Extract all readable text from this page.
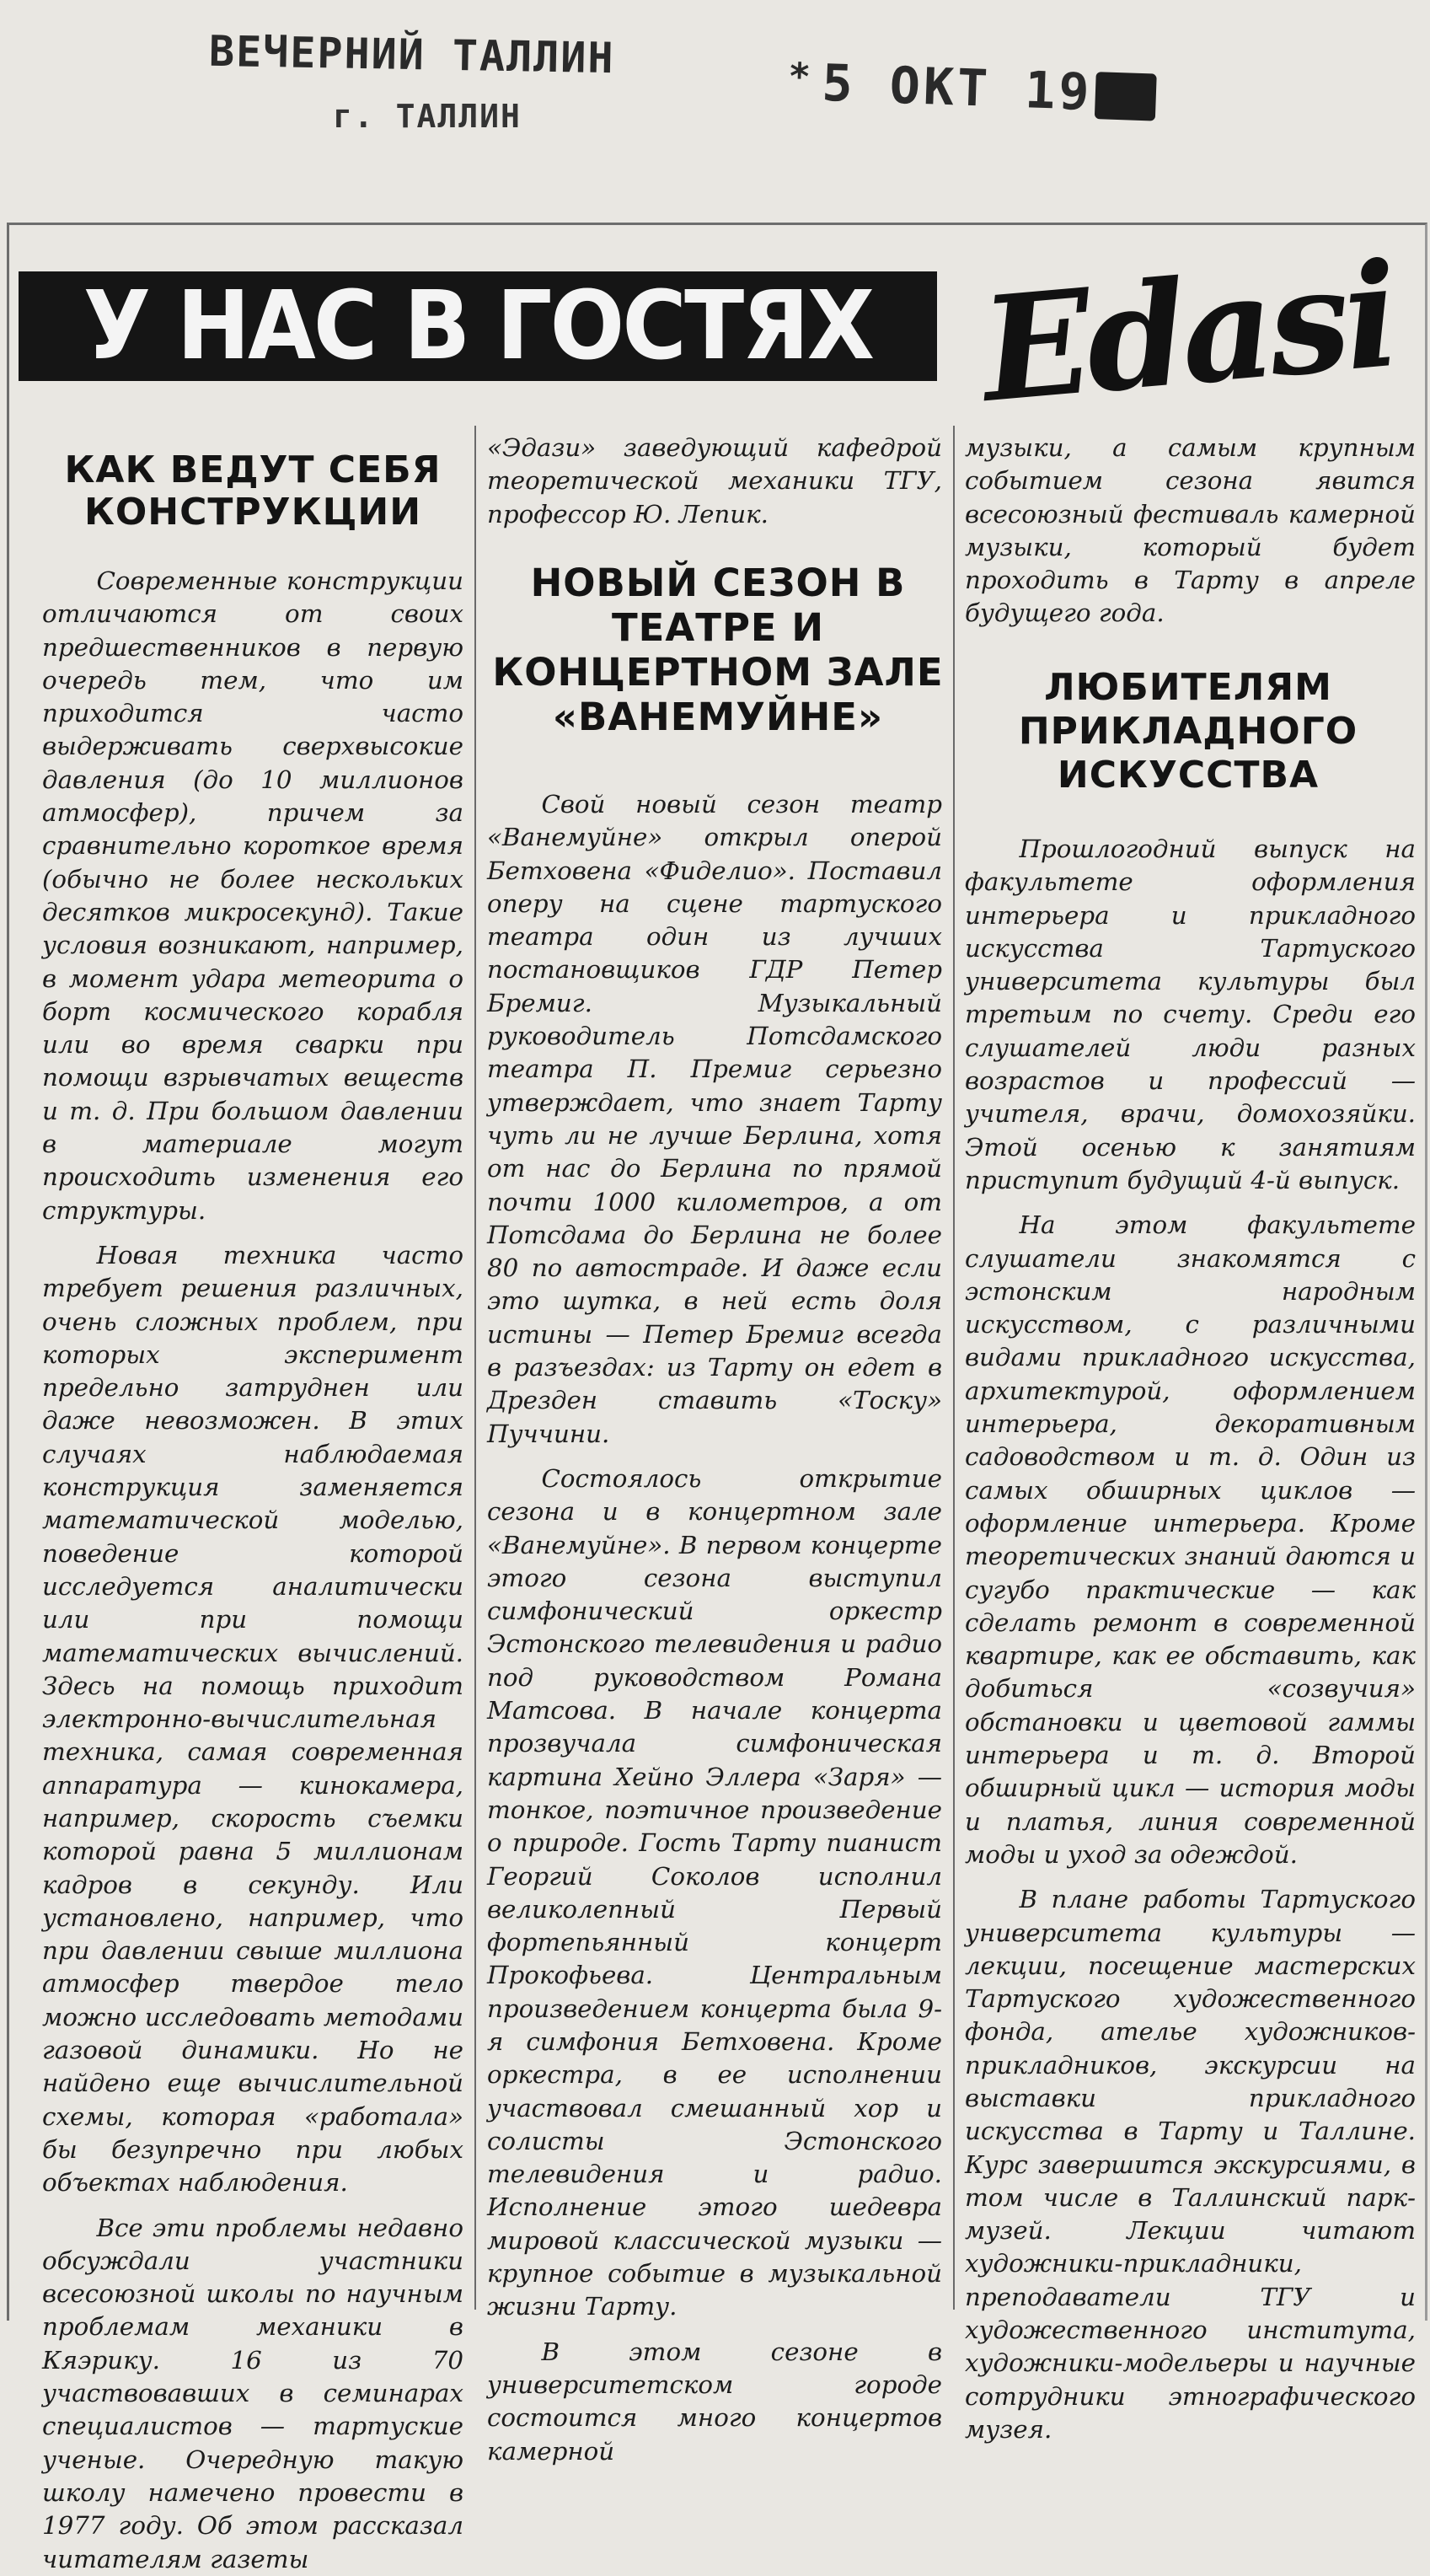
ВЕЧЕРНИЙ ТАЛЛИН
г. ТАЛЛИН
* 5 ОКТ 19
У НАС В ГОСТЯХ Edasi
КАК ВЕДУТ СЕБЯ КОНСТРУКЦИИ

Современные конструкции отличаются от своих предшественников в первую очередь тем, что им приходится часто выдерживать сверхвысокие давления (до 10 миллионов атмосфер), причем за сравнительно короткое время (обычно не более нескольких десятков микросекунд). Такие условия возникают, например, в момент удара метеорита о борт космического корабля или во время сварки при помощи взрывчатых веществ и т. д. При большом давлении в материале могут происходить изменения его структуры.

Новая техника часто требует решения различных, очень сложных проблем, при которых эксперимент предельно затруднен или даже невозможен. В этих случаях наблюдаемая конструкция заменяется математической моделью, поведение которой исследуется аналитически или при помощи математических вычислений. Здесь на помощь приходит электронно-вычислительная техника, самая современная аппаратура — кинокамера, например, скорость съемки которой равна 5 миллионам кадров в секунду. Или установлено, например, что при давлении свыше миллиона атмосфер твердое тело можно исследовать методами газовой динамики. Но не найдено еще вычислительной схемы, которая «работала» бы безупречно при любых объектах наблюдения.

Все эти проблемы недавно обсуждали участники всесоюзной школы по научным проблемам механики в Кяэрику. 16 из 70 участвовавших в семинарах специалистов — тартуские ученые. Очередную такую школу намечено провести в 1977 году. Об этом рассказал читателям газеты

«Эдази» заведующий кафедрой теоретической механики ТГУ, профессор Ю. Лепик.

НОВЫЙ СЕЗОН В ТЕАТРЕ И КОНЦЕРТНОМ ЗАЛЕ «ВАНЕМУЙНЕ»

Свой новый сезон театр «Ванемуйне» открыл оперой Бетховена «Фиделио». Поставил оперу на сцене тартуского театра один из лучших постановщиков ГДР Петер Бремиг. Музыкальный руководитель Потсдамского театра П. Премиг серьезно утверждает, что знает Тарту чуть ли не лучше Берлина, хотя от нас до Берлина по прямой почти 1000 километров, а от Потсдама до Берлина не более 80 по автостраде. И даже если это шутка, в ней есть доля истины — Петер Бремиг всегда в разъездах: из Тарту он едет в Дрезден ставить «Тоску» Пуччини.

Состоялось открытие сезона и в концертном зале «Ванемуйне». В первом концерте этого сезона выступил симфонический оркестр Эстонского телевидения и радио под руководством Романа Матсова. В начале концерта прозвучала симфоническая картина Хейно Эллера «Заря» — тонкое, поэтичное произведение о природе. Гость Тарту пианист Георгий Соколов исполнил великолепный Первый фортепьянный концерт Прокофьева. Центральным произведением концерта была 9-я симфония Бетховена. Кроме оркестра, в ее исполнении участвовал смешанный хор и солисты Эстонского телевидения и радио. Исполнение этого шедевра мировой классической музыки — крупное событие в музыкальной жизни Тарту.

В этом сезоне в университетском городе состоится много концертов камерной

музыки, а самым крупным событием сезона явится всесоюзный фестиваль камерной музыки, который будет проходить в Тарту в апреле будущего года.

ЛЮБИТЕЛЯМ ПРИКЛАДНОГО ИСКУССТВА

Прошлогодний выпуск на факультете оформления интерьера и прикладного искусства Тартуского университета культуры был третьим по счету. Среди его слушателей люди разных возрастов и профессий — учителя, врачи, домохозяйки. Этой осенью к занятиям приступит будущий 4-й выпуск.

На этом факультете слушатели знакомятся с эстонским народным искусством, с различными видами прикладного искусства, архитектурой, оформлением интерьера, декоративным садоводством и т. д. Один из самых обширных циклов — оформление интерьера. Кроме теоретических знаний даются и сугубо практические — как сделать ремонт в современной квартире, как ее обставить, как добиться «созвучия» обстановки и цветовой гаммы интерьера и т. д. Второй обширный цикл — история моды и платья, линия современной моды и уход за одеждой.

В плане работы Тартуского университета культуры — лекции, посещение мастерских Тартуского художественного фонда, ателье художников-прикладников, экскурсии на выставки прикладного искусства в Тарту и Таллине. Курс завершится экскурсиями, в том числе в Таллинский парк-музей. Лекции читают художники-прикладники, преподаватели ТГУ и художественного института, художники-модельеры и научные сотрудники этнографического музея.
